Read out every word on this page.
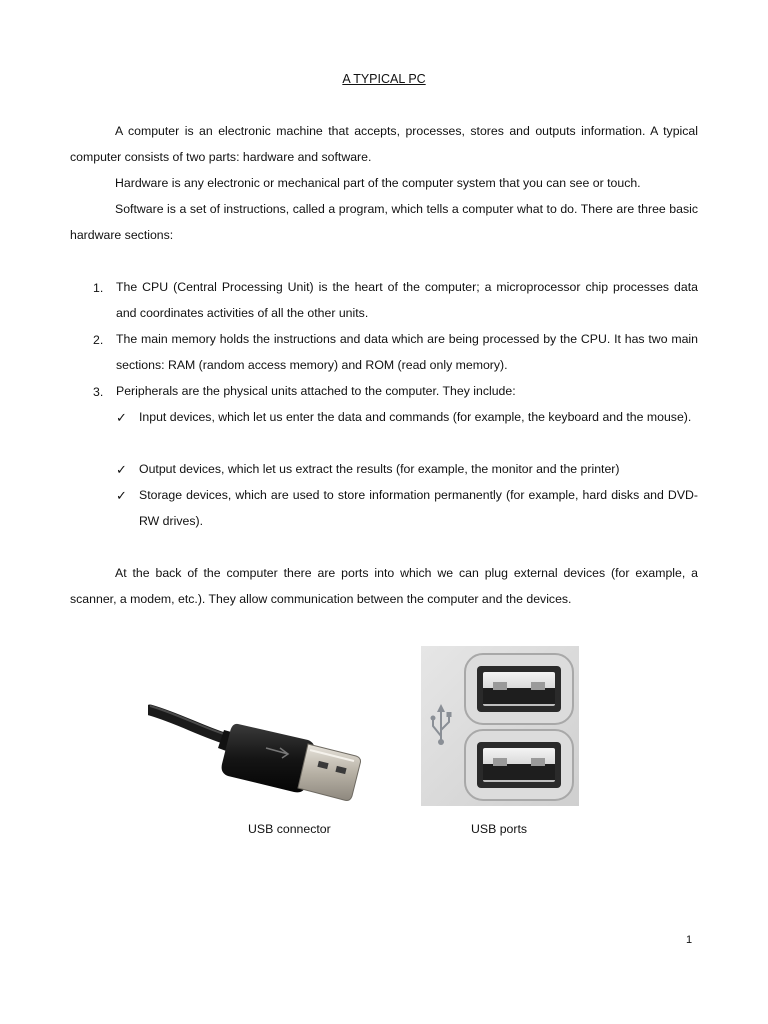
A TYPICAL PC

A computer is an electronic machine that accepts, processes, stores and outputs information. A typical computer consists of two parts: hardware and software.

Hardware is any electronic or mechanical part of the computer system that you can see or touch.

Software is a set of instructions, called a program, which tells a computer what to do. There are three basic hardware sections:

1. The CPU (Central Processing Unit) is the heart of the computer; a microprocessor chip processes data and coordinates activities of all the other units.

2. The main memory holds the instructions and data which are being processed by the CPU. It has two main sections: RAM (random access memory) and ROM (read only memory).

3. Peripherals are the physical units attached to the computer. They include:

✓ Input devices, which let us enter the data and commands (for example, the keyboard and the mouse).

✓ Output devices, which let us extract the results (for example, the monitor and the printer)

✓ Storage devices, which are used to store information permanently (for example, hard disks and DVD-RW drives).

At the back of the computer there are ports into which we can plug external devices (for example, a scanner, a modem, etc.). They allow communication between the computer and the devices.

USB connector	USB ports
1
